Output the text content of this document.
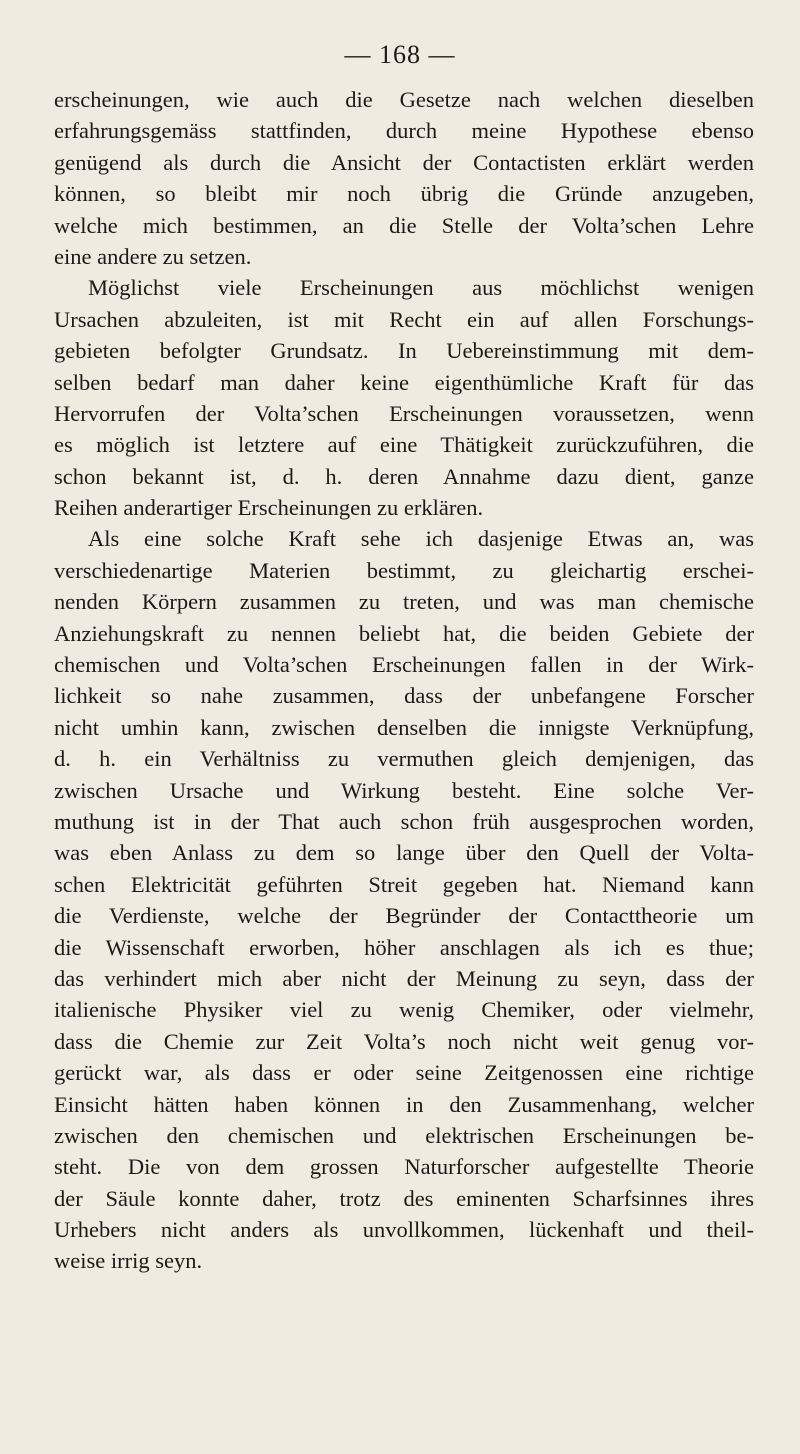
— 168 —
erscheinungen, wie auch die Gesetze nach welchen dieselben
erfahrungsgemäss stattfinden, durch meine Hypothese ebenso
genügend als durch die Ansicht der Contactisten erklärt werden
können, so bleibt mir noch übrig die Gründe anzugeben,
welche mich bestimmen, an die Stelle der Volta’schen Lehre
eine andere zu setzen.
Möglichst viele Erscheinungen aus möchlichst wenigen
Ursachen abzuleiten, ist mit Recht ein auf allen Forschungs-
gebieten befolgter Grundsatz. In Uebereinstimmung mit dem-
selben bedarf man daher keine eigenthümliche Kraft für das
Hervorrufen der Volta’schen Erscheinungen voraussetzen, wenn
es möglich ist letztere auf eine Thätigkeit zurückzuführen, die
schon bekannt ist, d. h. deren Annahme dazu dient, ganze
Reihen anderartiger Erscheinungen zu erklären.
Als eine solche Kraft sehe ich dasjenige Etwas an, was
verschiedenartige Materien bestimmt, zu gleichartig erschei-
nenden Körpern zusammen zu treten, und was man chemische
Anziehungskraft zu nennen beliebt hat, die beiden Gebiete der
chemischen und Volta’schen Erscheinungen fallen in der Wirk-
lichkeit so nahe zusammen, dass der unbefangene Forscher
nicht umhin kann, zwischen denselben die innigste Verknüpfung,
d. h. ein Verhältniss zu vermuthen gleich demjenigen, das
zwischen Ursache und Wirkung besteht. Eine solche Ver-
muthung ist in der That auch schon früh ausgesprochen worden,
was eben Anlass zu dem so lange über den Quell der Volta-
schen Elektricität geführten Streit gegeben hat. Niemand kann
die Verdienste, welche der Begründer der Contacttheorie um
die Wissenschaft erworben, höher anschlagen als ich es thue;
das verhindert mich aber nicht der Meinung zu seyn, dass der
italienische Physiker viel zu wenig Chemiker, oder vielmehr,
dass die Chemie zur Zeit Volta’s noch nicht weit genug vor-
gerückt war, als dass er oder seine Zeitgenossen eine richtige
Einsicht hätten haben können in den Zusammenhang, welcher
zwischen den chemischen und elektrischen Erscheinungen be-
steht. Die von dem grossen Naturforscher aufgestellte Theorie
der Säule konnte daher, trotz des eminenten Scharfsinnes ihres
Urhebers nicht anders als unvollkommen, lückenhaft und theil-
weise irrig seyn.
